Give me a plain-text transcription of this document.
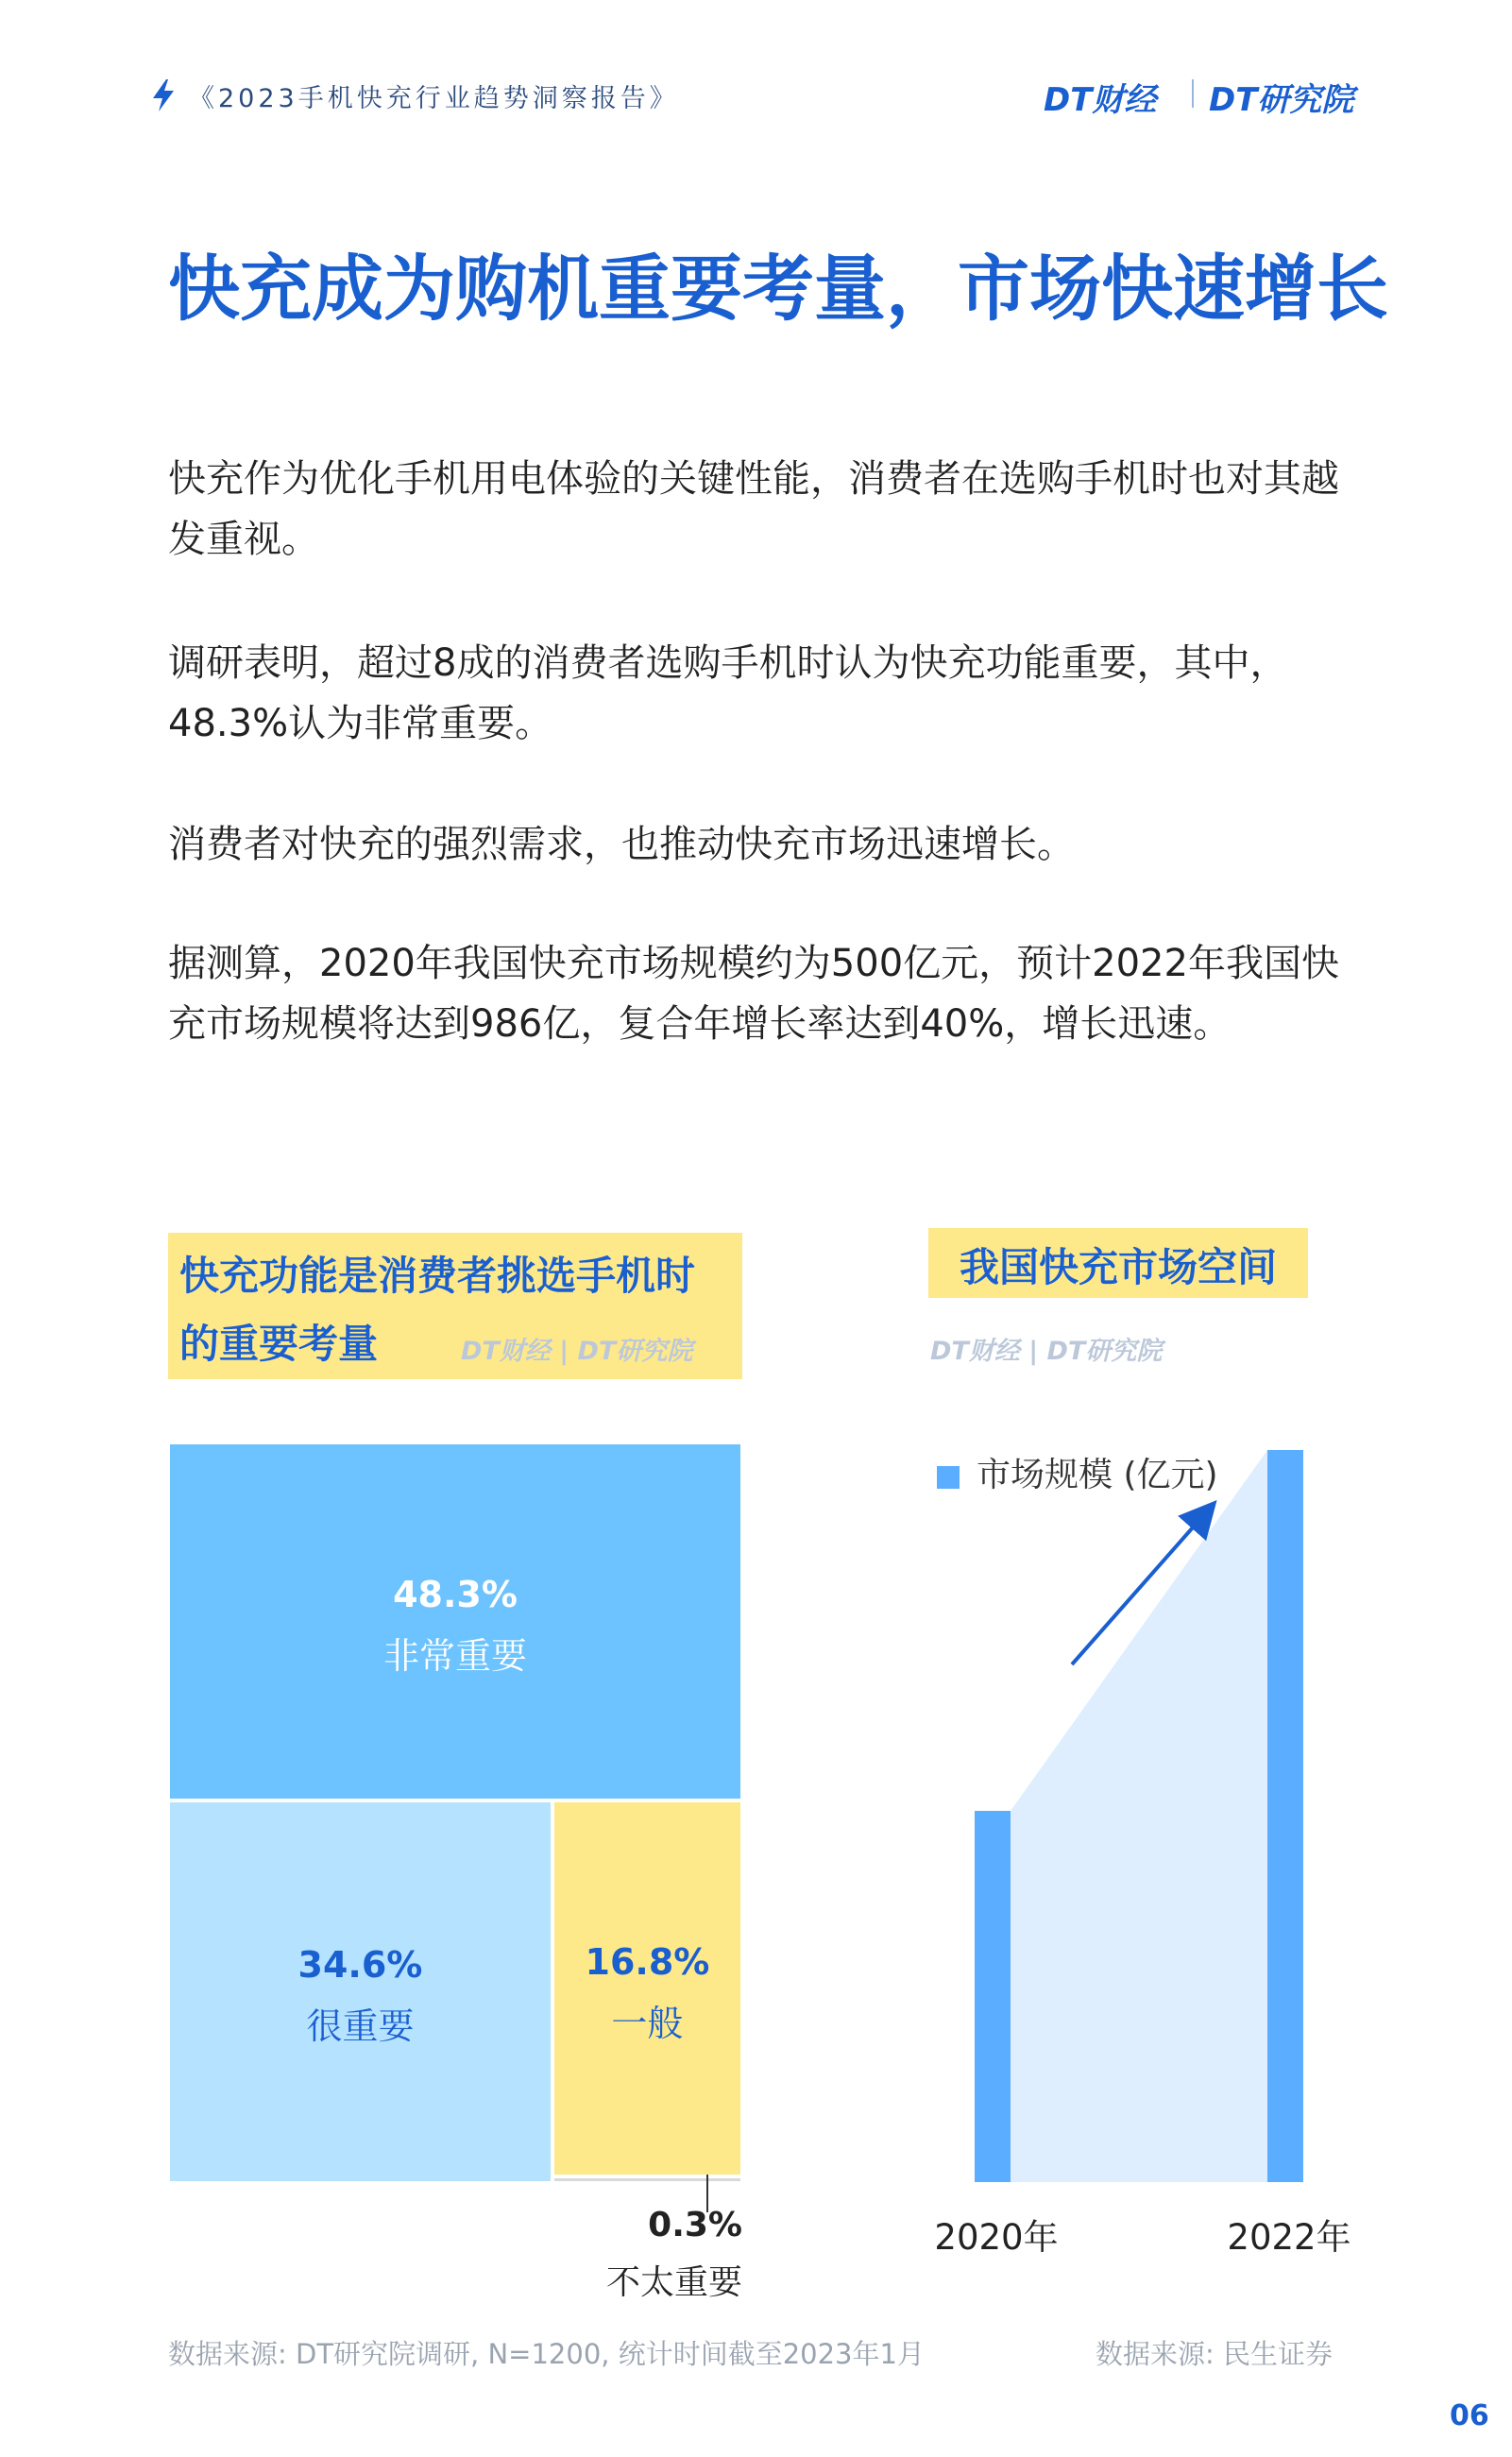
《2023手机快充行业趋势洞察报告》	DT财经 DT研究院
快充成为购机重要考量，市场快速增长
快充作为优化手机用电体验的关键性能，消费者在选购手机时也对其越发重视。
调研表明，超过8成的消费者选购手机时认为快充功能重要，其中，48.3%认为非常重要。
消费者对快充的强烈需求，也推动快充市场迅速增长。
据测算，2020年我国快充市场规模约为500亿元，预计2022年我国快充市场规模将达到986亿，复合年增长率达到40%，增长迅速。
快充功能是消费者挑选手机时
的重要考量	DT财经 | DT研究院
我国快充市场空间
DT财经 | DT研究院
48.3%
非常重要
34.6%
很重要
16.8%
一般
0.3%
不太重要
市场规模 (亿元)
2020年	2022年
数据来源: DT研究院调研, N=1200, 统计时间截至2023年1月	数据来源: 民生证券
06
